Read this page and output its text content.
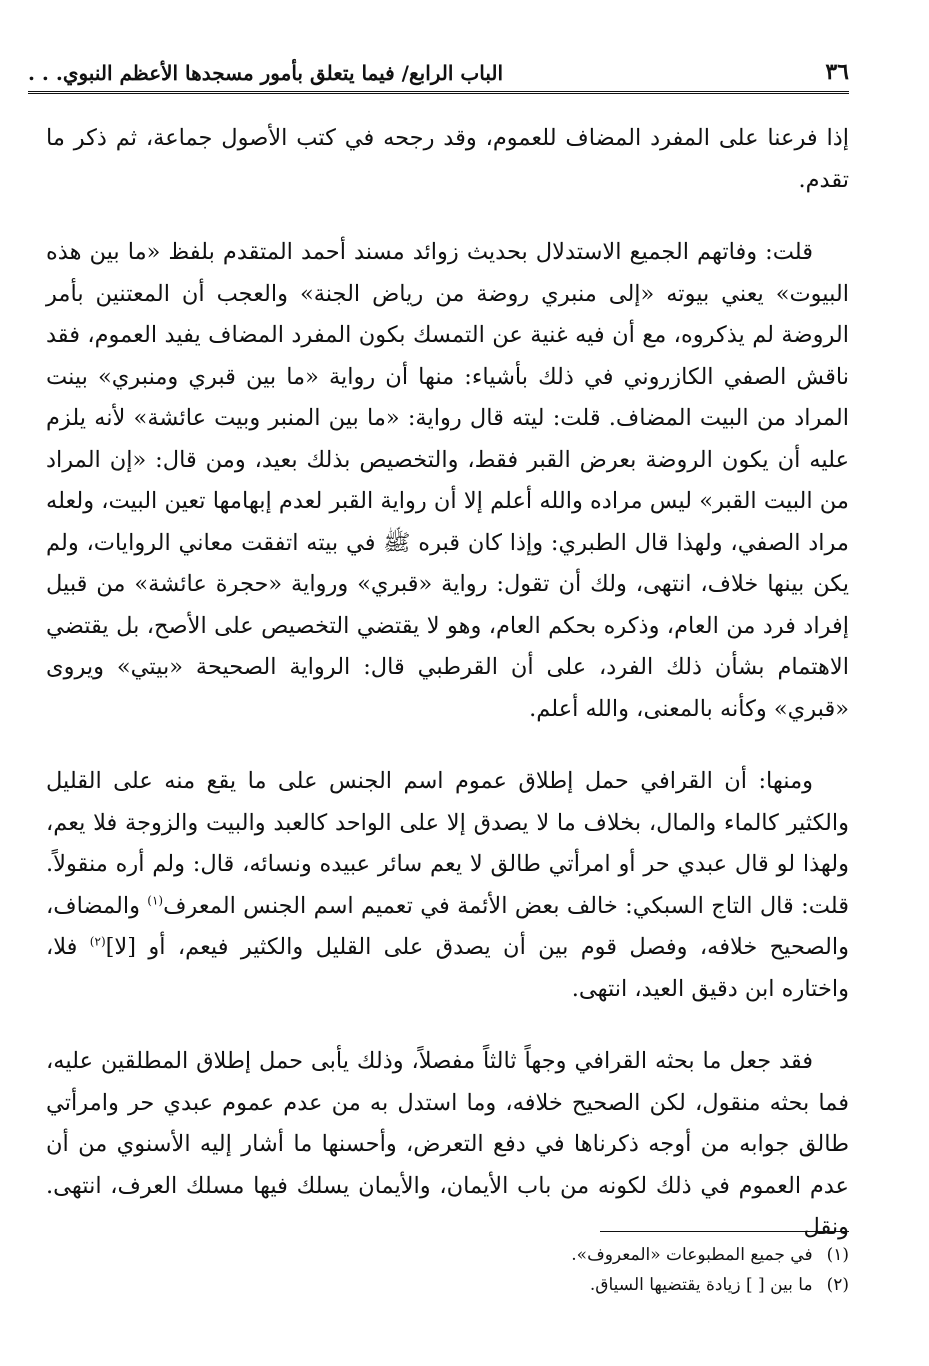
٣٦
الباب الرابع/ فيما يتعلق بأمور مسجدها الأعظم النبوي. . .

إذا فرعنا على المفرد المضاف للعموم، وقد رجحه في كتب الأصول جماعة، ثم ذكر ما تقدم.

قلت: وفاتهم الجميع الاستدلال بحديث زوائد مسند أحمد المتقدم بلفظ «ما بين هذه البيوت» يعني بيوته «إلى منبري روضة من رياض الجنة» والعجب أن المعتنين بأمر الروضة لم يذكروه، مع أن فيه غنية عن التمسك بكون المفرد المضاف يفيد العموم، فقد ناقش الصفي الكازروني في ذلك بأشياء: منها أن رواية «ما بين قبري ومنبري» بينت المراد من البيت المضاف. قلت: ليته قال رواية: «ما بين المنبر وبيت عائشة» لأنه يلزم عليه أن يكون الروضة بعرض القبر فقط، والتخصيص بذلك بعيد، ومن قال: «إن المراد من البيت القبر» ليس مراده والله أعلم إلا أن رواية القبر لعدم إبهامها تعين البيت، ولعله مراد الصفي، ولهذا قال الطبري: وإذا كان قبره ﷺ في بيته اتفقت معاني الروايات، ولم يكن بينها خلاف، انتهى، ولك أن تقول: رواية «قبري» ورواية «حجرة عائشة» من قبيل إفراد فرد من العام، وذكره بحكم العام، وهو لا يقتضي التخصيص على الأصح، بل يقتضي الاهتمام بشأن ذلك الفرد، على أن القرطبي قال: الرواية الصحيحة «بيتي» ويروى «قبري» وكأنه بالمعنى، والله أعلم.

ومنها: أن القرافي حمل إطلاق عموم اسم الجنس على ما يقع منه على القليل والكثير كالماء والمال، بخلاف ما لا يصدق إلا على الواحد كالعبد والبيت والزوجة فلا يعم، ولهذا لو قال عبدي حر أو امرأتي طالق لا يعم سائر عبيده ونسائه، قال: ولم أره منقولاً. قلت: قال التاج السبكي: خالف بعض الأئمة في تعميم اسم الجنس المعرف$^{(١)}$ والمضاف، والصحيح خلافه، وفصل قوم بين أن يصدق على القليل والكثير فيعم، أو [لا]$^{(٢)}$ فلا، واختاره ابن دقيق العيد، انتهى.

فقد جعل ما بحثه القرافي وجهاً ثالثاً مفصلاً، وذلك يأبى حمل إطلاق المطلقين عليه، فما بحثه منقول، لكن الصحيح خلافه، وما استدل به من عدم عموم عبدي حر وامرأتي طالق جوابه من أوجه ذكرناها في دفع التعرض، وأحسنها ما أشار إليه الأسنوي من أن عدم العموم في ذلك لكونه من باب الأيمان، والأيمان يسلك فيها مسلك العرف، انتهى. ونقل

(١)
في جميع المطبوعات «المعروف».
(٢)
ما بين [ ] زيادة يقتضيها السياق.
